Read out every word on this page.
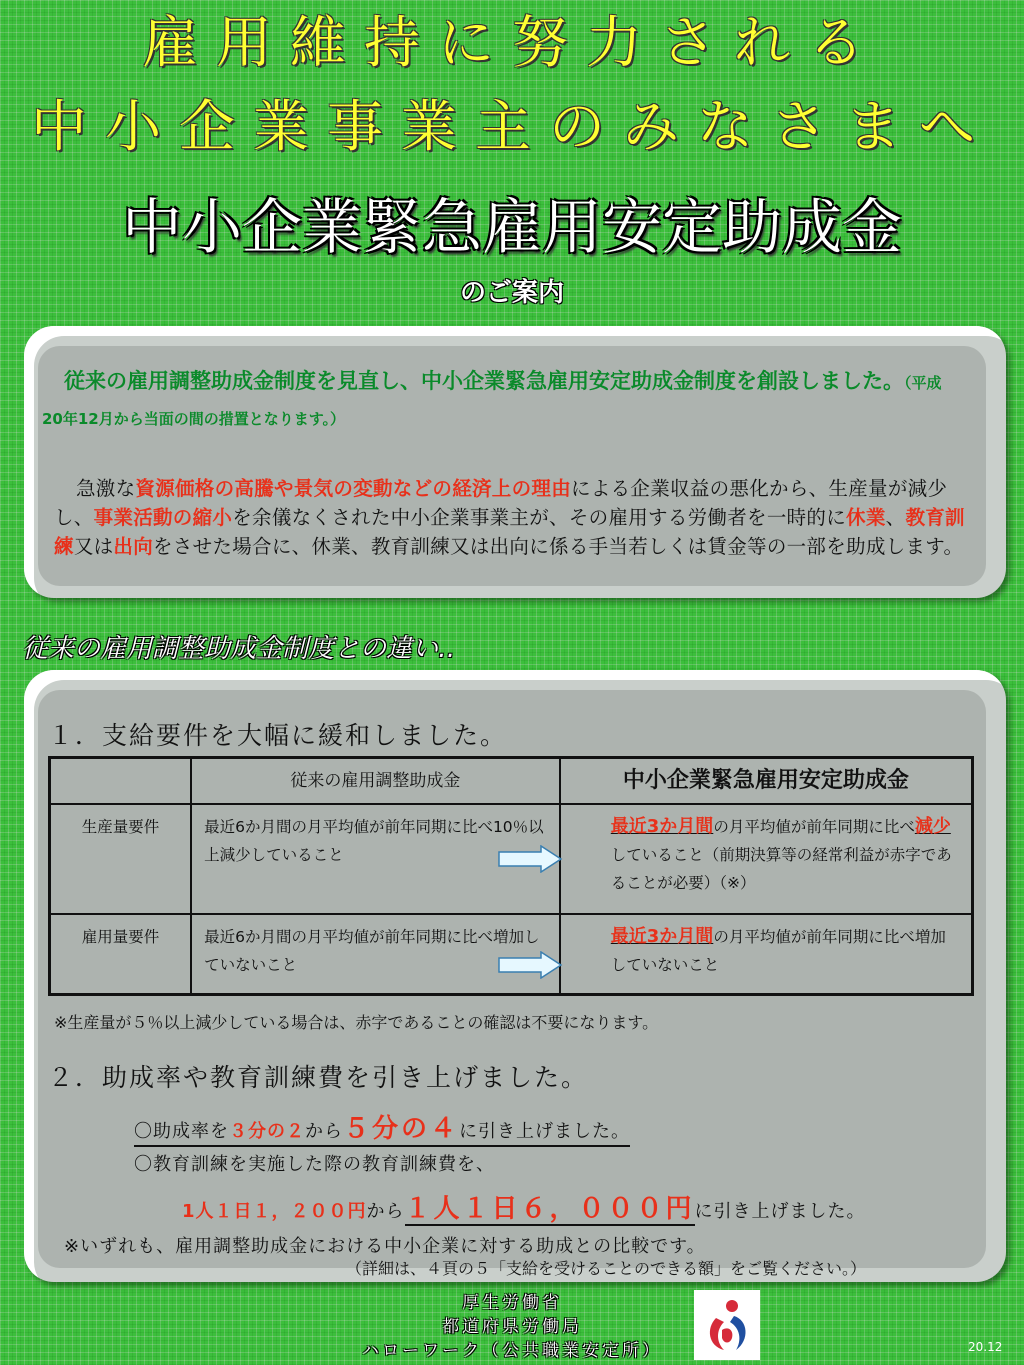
雇用維持に努力される
中小企業事業主のみなさまへ
中小企業緊急雇用安定助成金
のご案内
従来の雇用調整助成金制度を見直し、中小企業緊急雇用安定助成金制度を創設しました。（平成20年12月から当面の間の措置となります。）
急激な資源価格の高騰や景気の変動などの経済上の理由による企業収益の悪化から、生産量が減少し、事業活動の縮小を余儀なくされた中小企業事業主が、その雇用する労働者を一時的に休業、教育訓練又は出向をさせた場合に、休業、教育訓練又は出向に係る手当若しくは賃金等の一部を助成します。
従来の雇用調整助成金制度との違い‥
１．支給要件を大幅に緩和しました。
	従来の雇用調整助成金	中小企業緊急雇用安定助成金
生産量要件	最近6か月間の月平均値が前年同期に比べ10％以上減少していること	最近3か月間の月平均値が前年同期に比べ減少していること（前期決算等の経常利益が赤字であることが必要）（※）
雇用量要件	最近6か月間の月平均値が前年同期に比べ増加していないこと	最近3か月間の月平均値が前年同期に比べ増加していないこと
※生産量が５％以上減少している場合は、赤字であることの確認は不要になります。
２．助成率や教育訓練費を引き上げました。
〇助成率を３分の２から５分の４に引き上げました。
〇教育訓練を実施した際の教育訓練費を、
1人１日１，２００円から１人１日６，０００円に引き上げました。
※いずれも、雇用調整助成金における中小企業に対する助成との比較です。
（詳細は、４頁の５「支給を受けることのできる額」をご覧ください。）
厚生労働省
都道府県労働局
ハローワーク（公共職業安定所）	20.12
